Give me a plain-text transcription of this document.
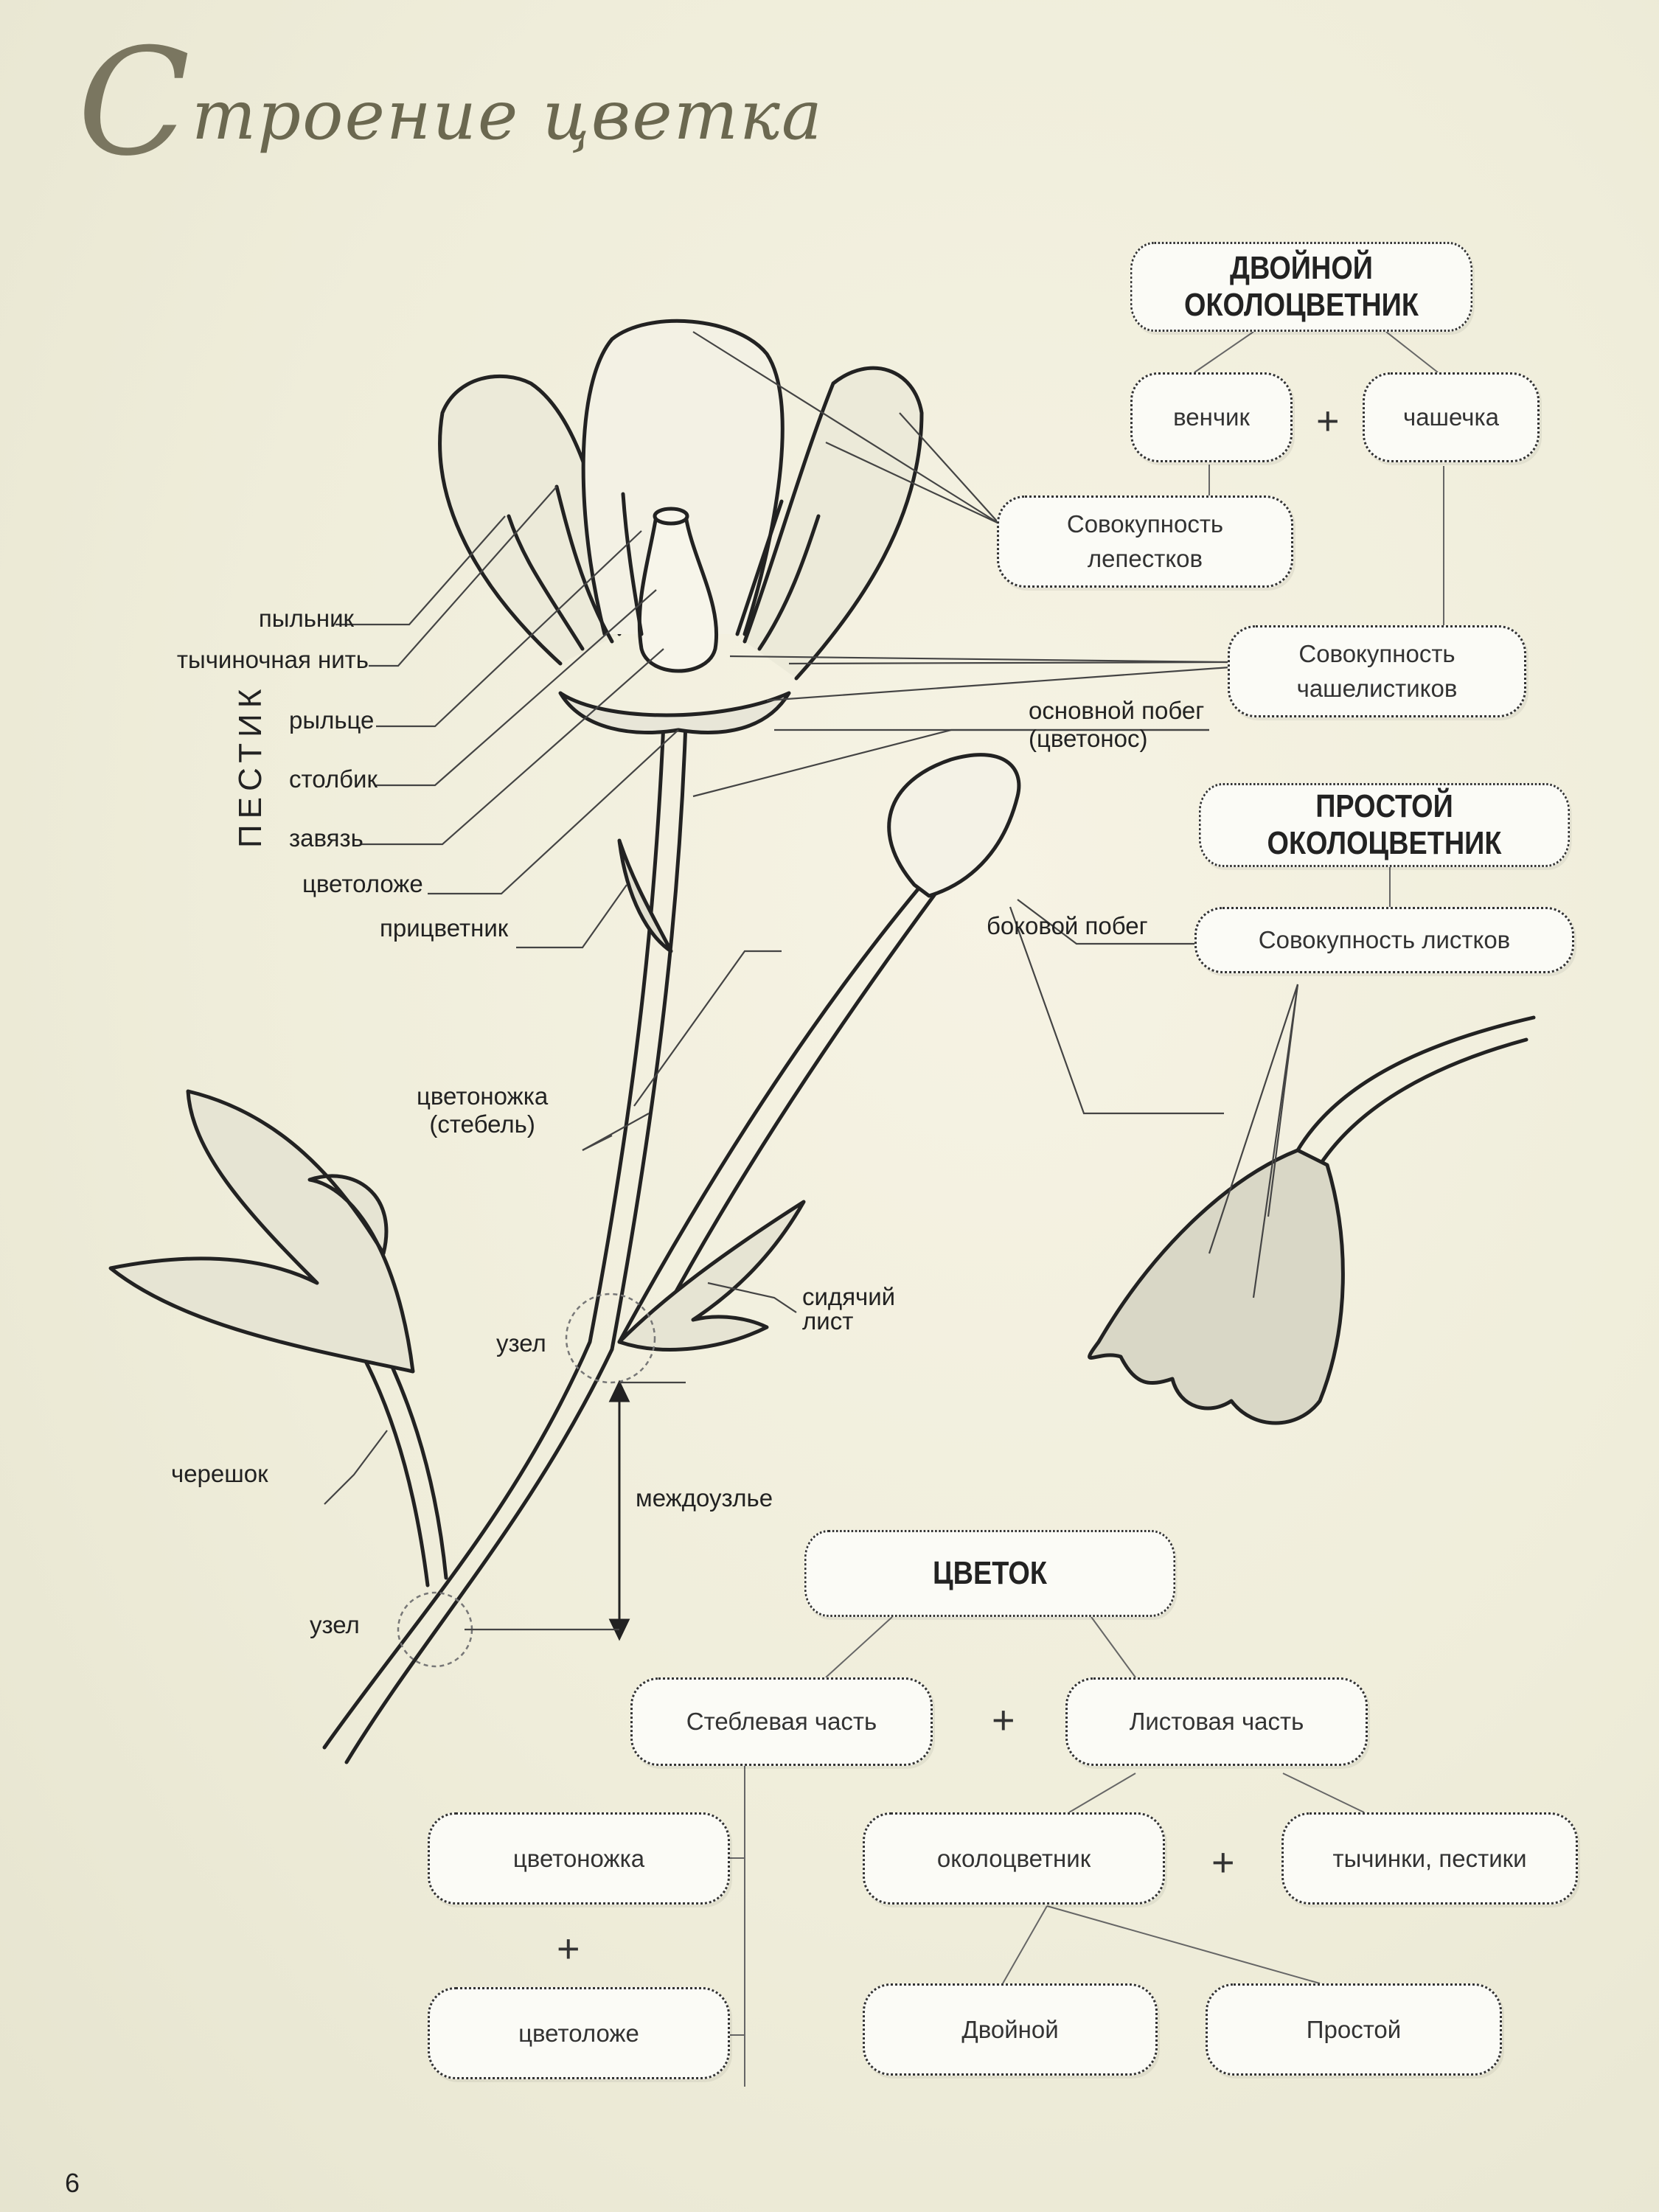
Строение цветка
пыльник
тычиночная нить
ПЕСТИК рыльце
столбик
завязь
цветоложе
прицветник
основной побег
(цветонос)
боковой побег
цветоножка
(стебель)
сидячий
лист
узел
междоузлье
черешок
узел
ДВОЙНОЙ ОКОЛОЦВЕТНИК
венчик	+	чашечка
Совокупность лепестков
Совокупность чашелистиков
ПРОСТОЙ ОКОЛОЦВЕТНИК
Совокупность листков
ЦВЕТОК
Стеблевая часть	+	Листовая часть
цветоножка
+
цветоложе
околоцветник	+	тычинки, пестики
Двойной	Простой
6
